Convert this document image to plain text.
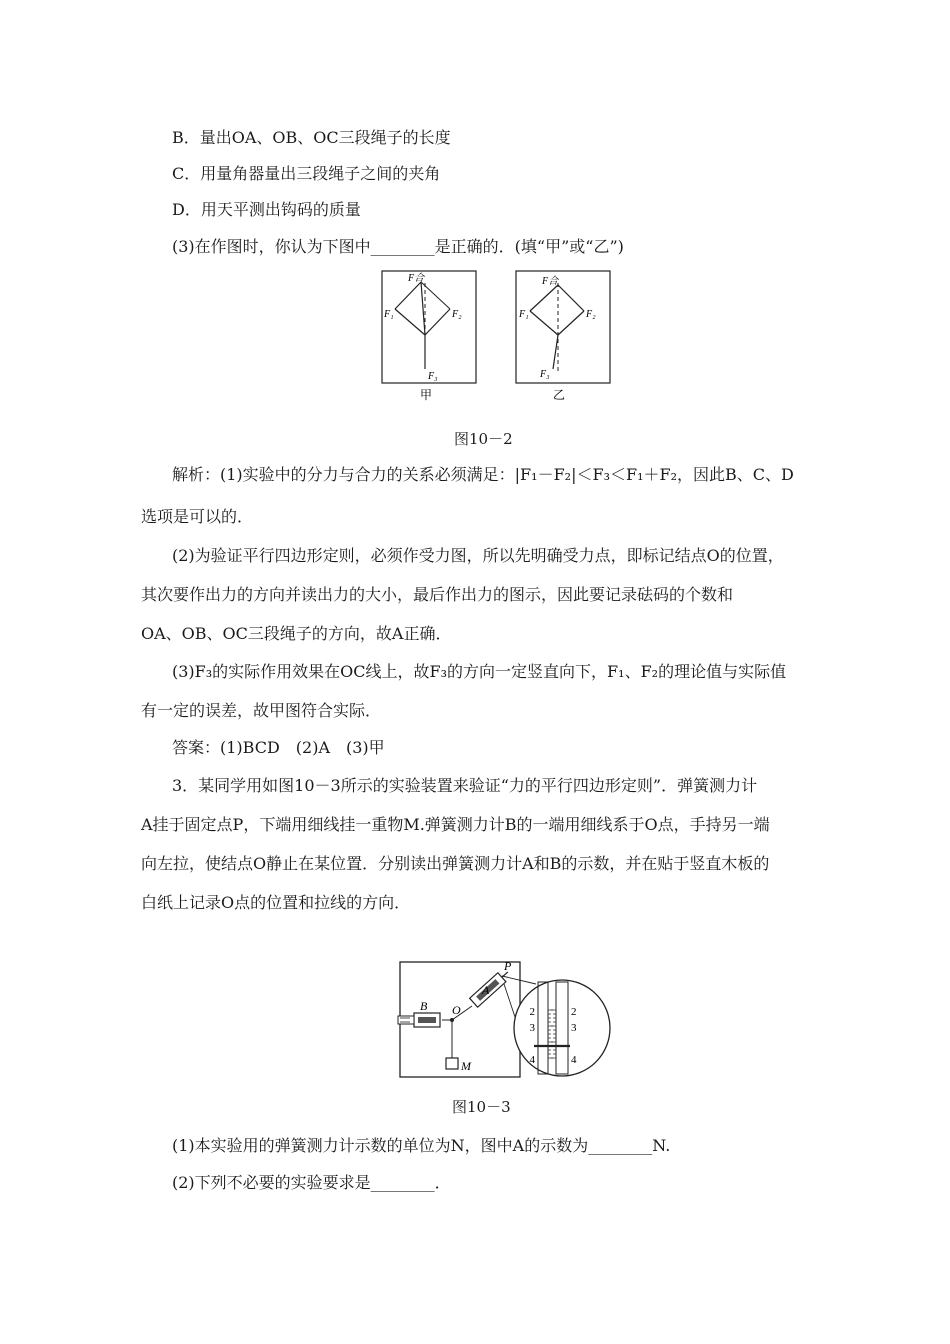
B．量出OA、OB、OC三段绳子的长度
C．用量角器量出三段绳子之间的夹角
D．用天平测出钩码的质量
(3)在作图时，你认为下图中________是正确的．(填“甲”或“乙”)
F合
F₁	F₂
F₃
甲
F合
F₁	F₂
F₃
乙
图10－2
解析：(1)实验中的分力与合力的关系必须满足：|F₁－F₂|＜F₃＜F₁＋F₂，因此B、C、D
选项是可以的．
(2)为验证平行四边形定则，必须作受力图，所以先明确受力点，即标记结点O的位置，
其次要作出力的方向并读出力的大小，最后作出力的图示，因此要记录砝码的个数和
OA、OB、OC三段绳子的方向，故A正确．
(3)F₃的实际作用效果在OC线上，故F₃的方向一定竖直向下，F₁、F₂的理论值与实际值
有一定的误差，故甲图符合实际．
答案：(1)BCD　(2)A　(3)甲
3．某同学用如图10－3所示的实验装置来验证“力的平行四边形定则”．弹簧测力计
A挂于固定点P，下端用细线挂一重物M.弹簧测力计B的一端用细线系于O点，手持另一端
向左拉，使结点O静止在某位置．分别读出弹簧测力计A和B的示数，并在贴于竖直木板的
白纸上记录O点的位置和拉线的方向．
B O
A
P
M
2
3
4
2
3
4
图10－3
(1)本实验用的弹簧测力计示数的单位为N，图中A的示数为________N.
(2)下列不必要的实验要求是________．
